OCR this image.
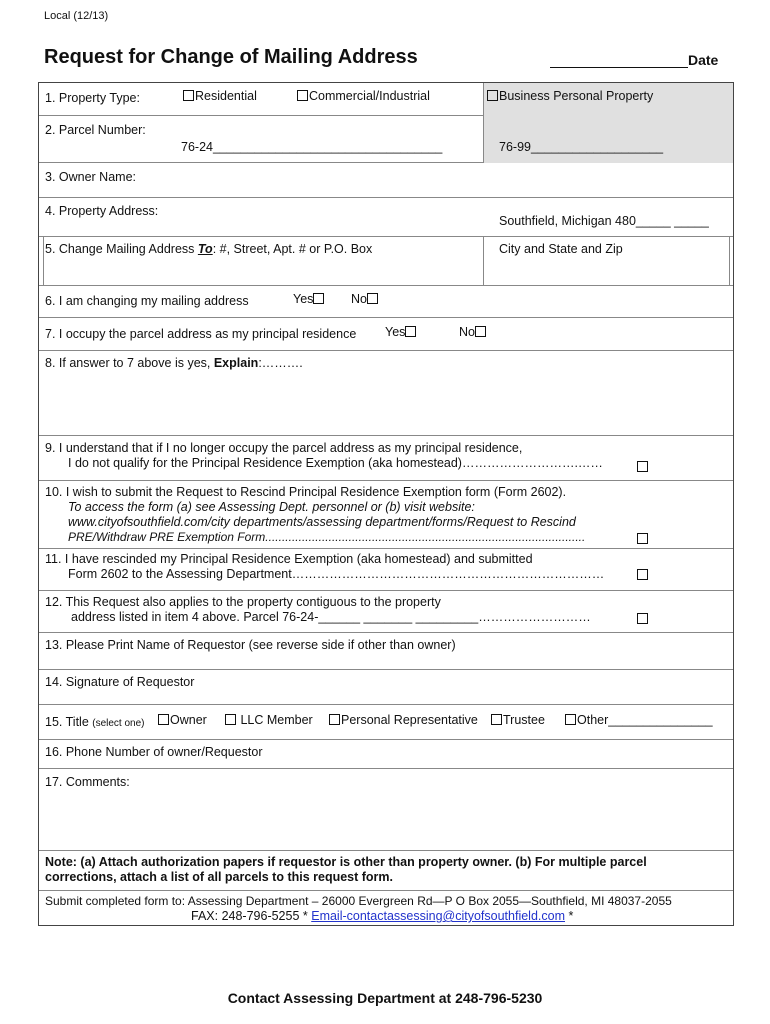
Local (12/13)
Request for Change of Mailing Address	Date
1. Property Type:	Residential	Commercial/Industrial	Business Personal Property
2. Parcel Number:
76-24_________________________________	76-99___________________
3. Owner Name:
4. Property Address:
Southfield, Michigan 480_____ _____
5. Change Mailing Address To: #, Street, Apt. # or P.O. Box	City and State and Zip
6. I am changing my mailing address	Yes	No
7. I occupy the parcel address as my principal residence Yes	No
8. If answer to 7 above is yes, Explain:……….
9. I understand that if I no longer occupy the parcel address as my principal residence,
I do not qualify for the Principal Residence Exemption (aka homestead)……………………….……
10. I wish to submit the Request to Rescind Principal Residence Exemption form (Form 2602).
To access the form (a) see Assessing Dept. personnel or (b) visit website:
www.cityofsouthfield.com/city departments/assessing department/forms/Request to Rescind
PRE/Withdraw PRE Exemption Form................................................................................................
11. I have rescinded my Principal Residence Exemption (aka homestead) and submitted
Form 2602 to the Assessing Department…………………………………………………………………
12. This Request also applies to the property contiguous to the property
address listed in item 4 above. Parcel 76-24-______ _______ _________………………………
13. Please Print Name of Requestor (see reverse side if other than owner)
14. Signature of Requestor
15. Title (select one)	Owner	LLC Member	Personal Representative	Trustee	Other_______________
16. Phone Number of owner/Requestor
17. Comments:
Note: (a) Attach authorization papers if requestor is other than property owner. (b) For multiple parcel
corrections, attach a list of all parcels to this request form.
Submit completed form to: Assessing Department – 26000 Evergreen Rd—P O Box 2055—Southfield, MI 48037-2055
FAX: 248-796-5255 * Email-contactassessing@cityofsouthfield.com *
Contact Assessing Department at 248-796-5230
